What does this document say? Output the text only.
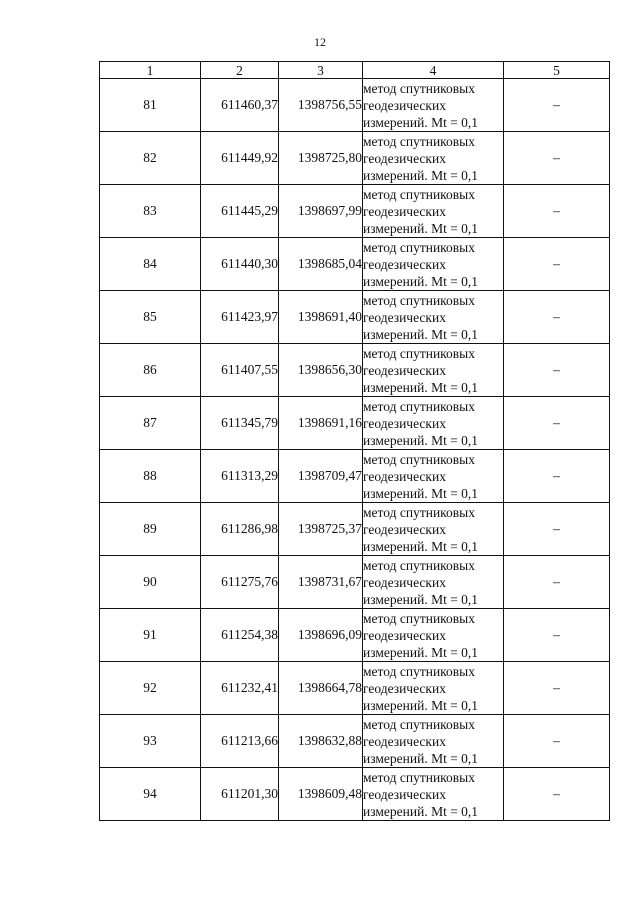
12
1	2	3	4	5
81	611460,37	1398756,55	метод спутниковых
геодезических
измерений. Mt = 0,1	–
82	611449,92	1398725,80	метод спутниковых
геодезических
измерений. Mt = 0,1	–
83	611445,29	1398697,99	метод спутниковых
геодезических
измерений. Mt = 0,1	–
84	611440,30	1398685,04	метод спутниковых
геодезических
измерений. Mt = 0,1	–
85	611423,97	1398691,40	метод спутниковых
геодезических
измерений. Mt = 0,1	–
86	611407,55	1398656,30	метод спутниковых
геодезических
измерений. Mt = 0,1	–
87	611345,79	1398691,16	метод спутниковых
геодезических
измерений. Mt = 0,1	–
88	611313,29	1398709,47	метод спутниковых
геодезических
измерений. Mt = 0,1	–
89	611286,98	1398725,37	метод спутниковых
геодезических
измерений. Mt = 0,1	–
90	611275,76	1398731,67	метод спутниковых
геодезических
измерений. Mt = 0,1	–
91	611254,38	1398696,09	метод спутниковых
геодезических
измерений. Mt = 0,1	–
92	611232,41	1398664,78	метод спутниковых
геодезических
измерений. Mt = 0,1	–
93	611213,66	1398632,88	метод спутниковых
геодезических
измерений. Mt = 0,1	–
94	611201,30	1398609,48	метод спутниковых
геодезических
измерений. Mt = 0,1	–
